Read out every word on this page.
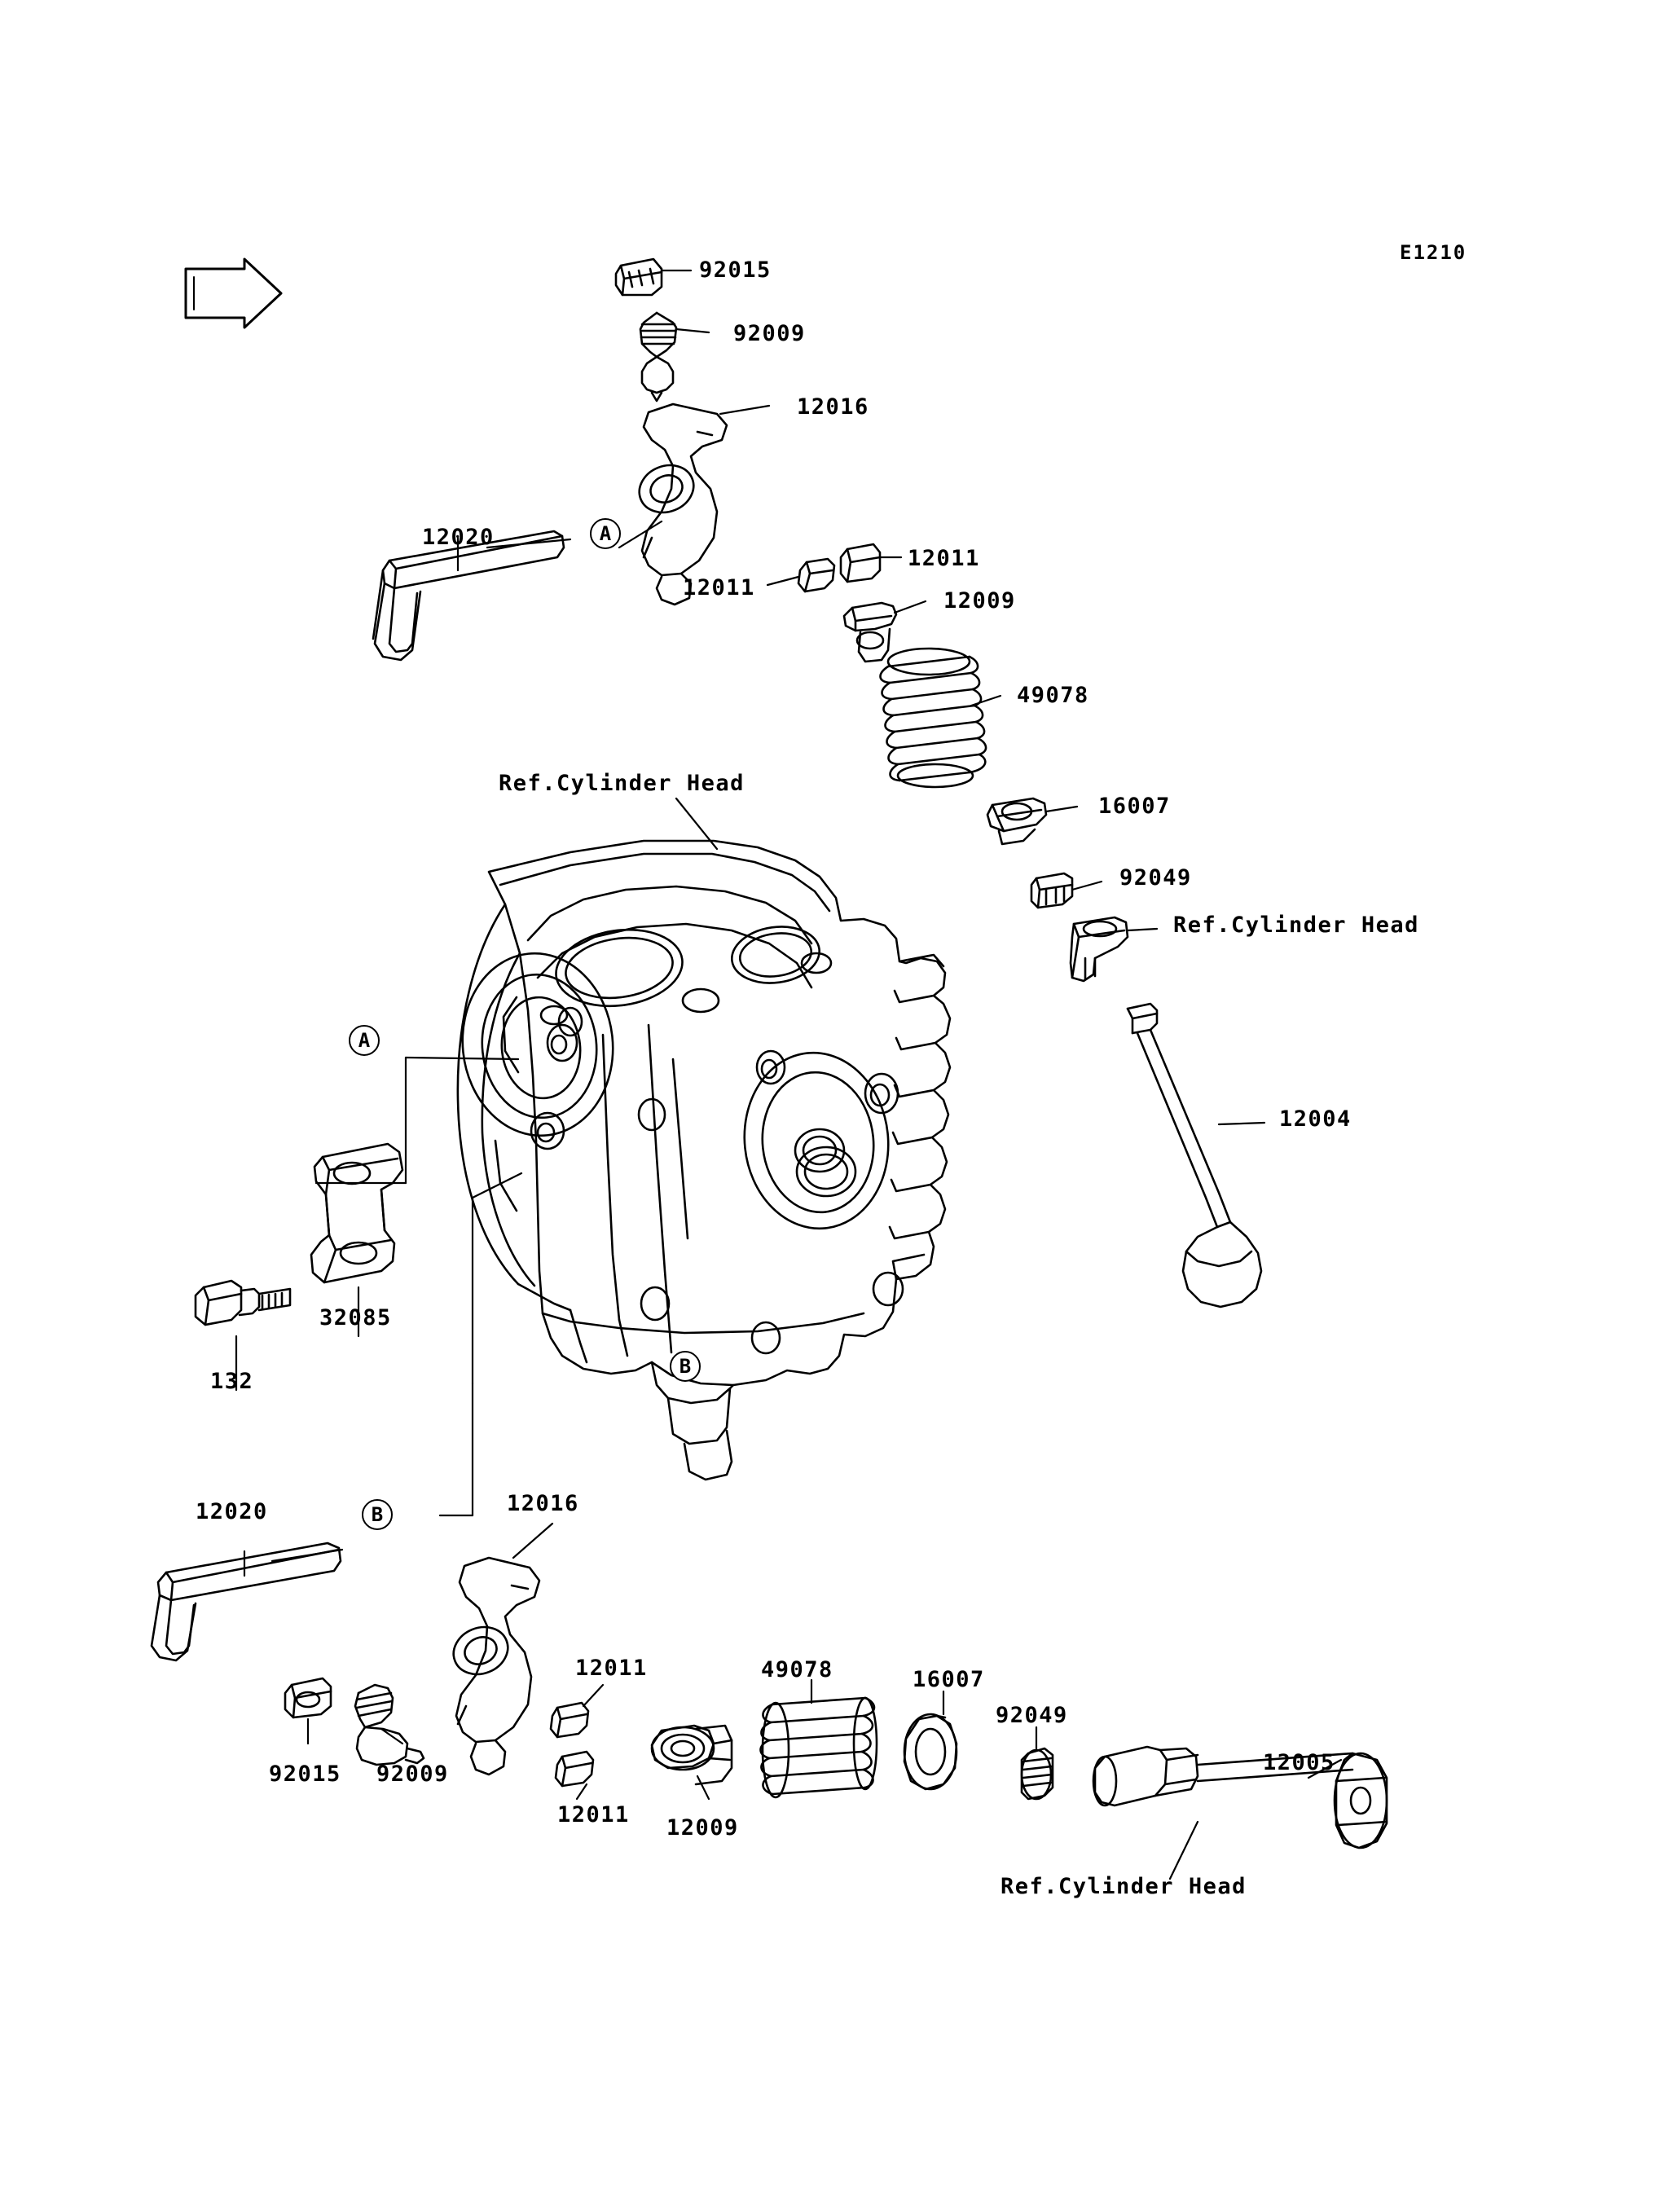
E1210
92015
92009
12016
12011
12011
12009
12020
49078
16007
92049
Ref.Cylinder Head
12004
Ref.Cylinder Head
32085
132
12020	12016
12011
12011
92015 92009
12009
49078	16007
92049
12005
Ref.Cylinder Head
A
A
B
B
